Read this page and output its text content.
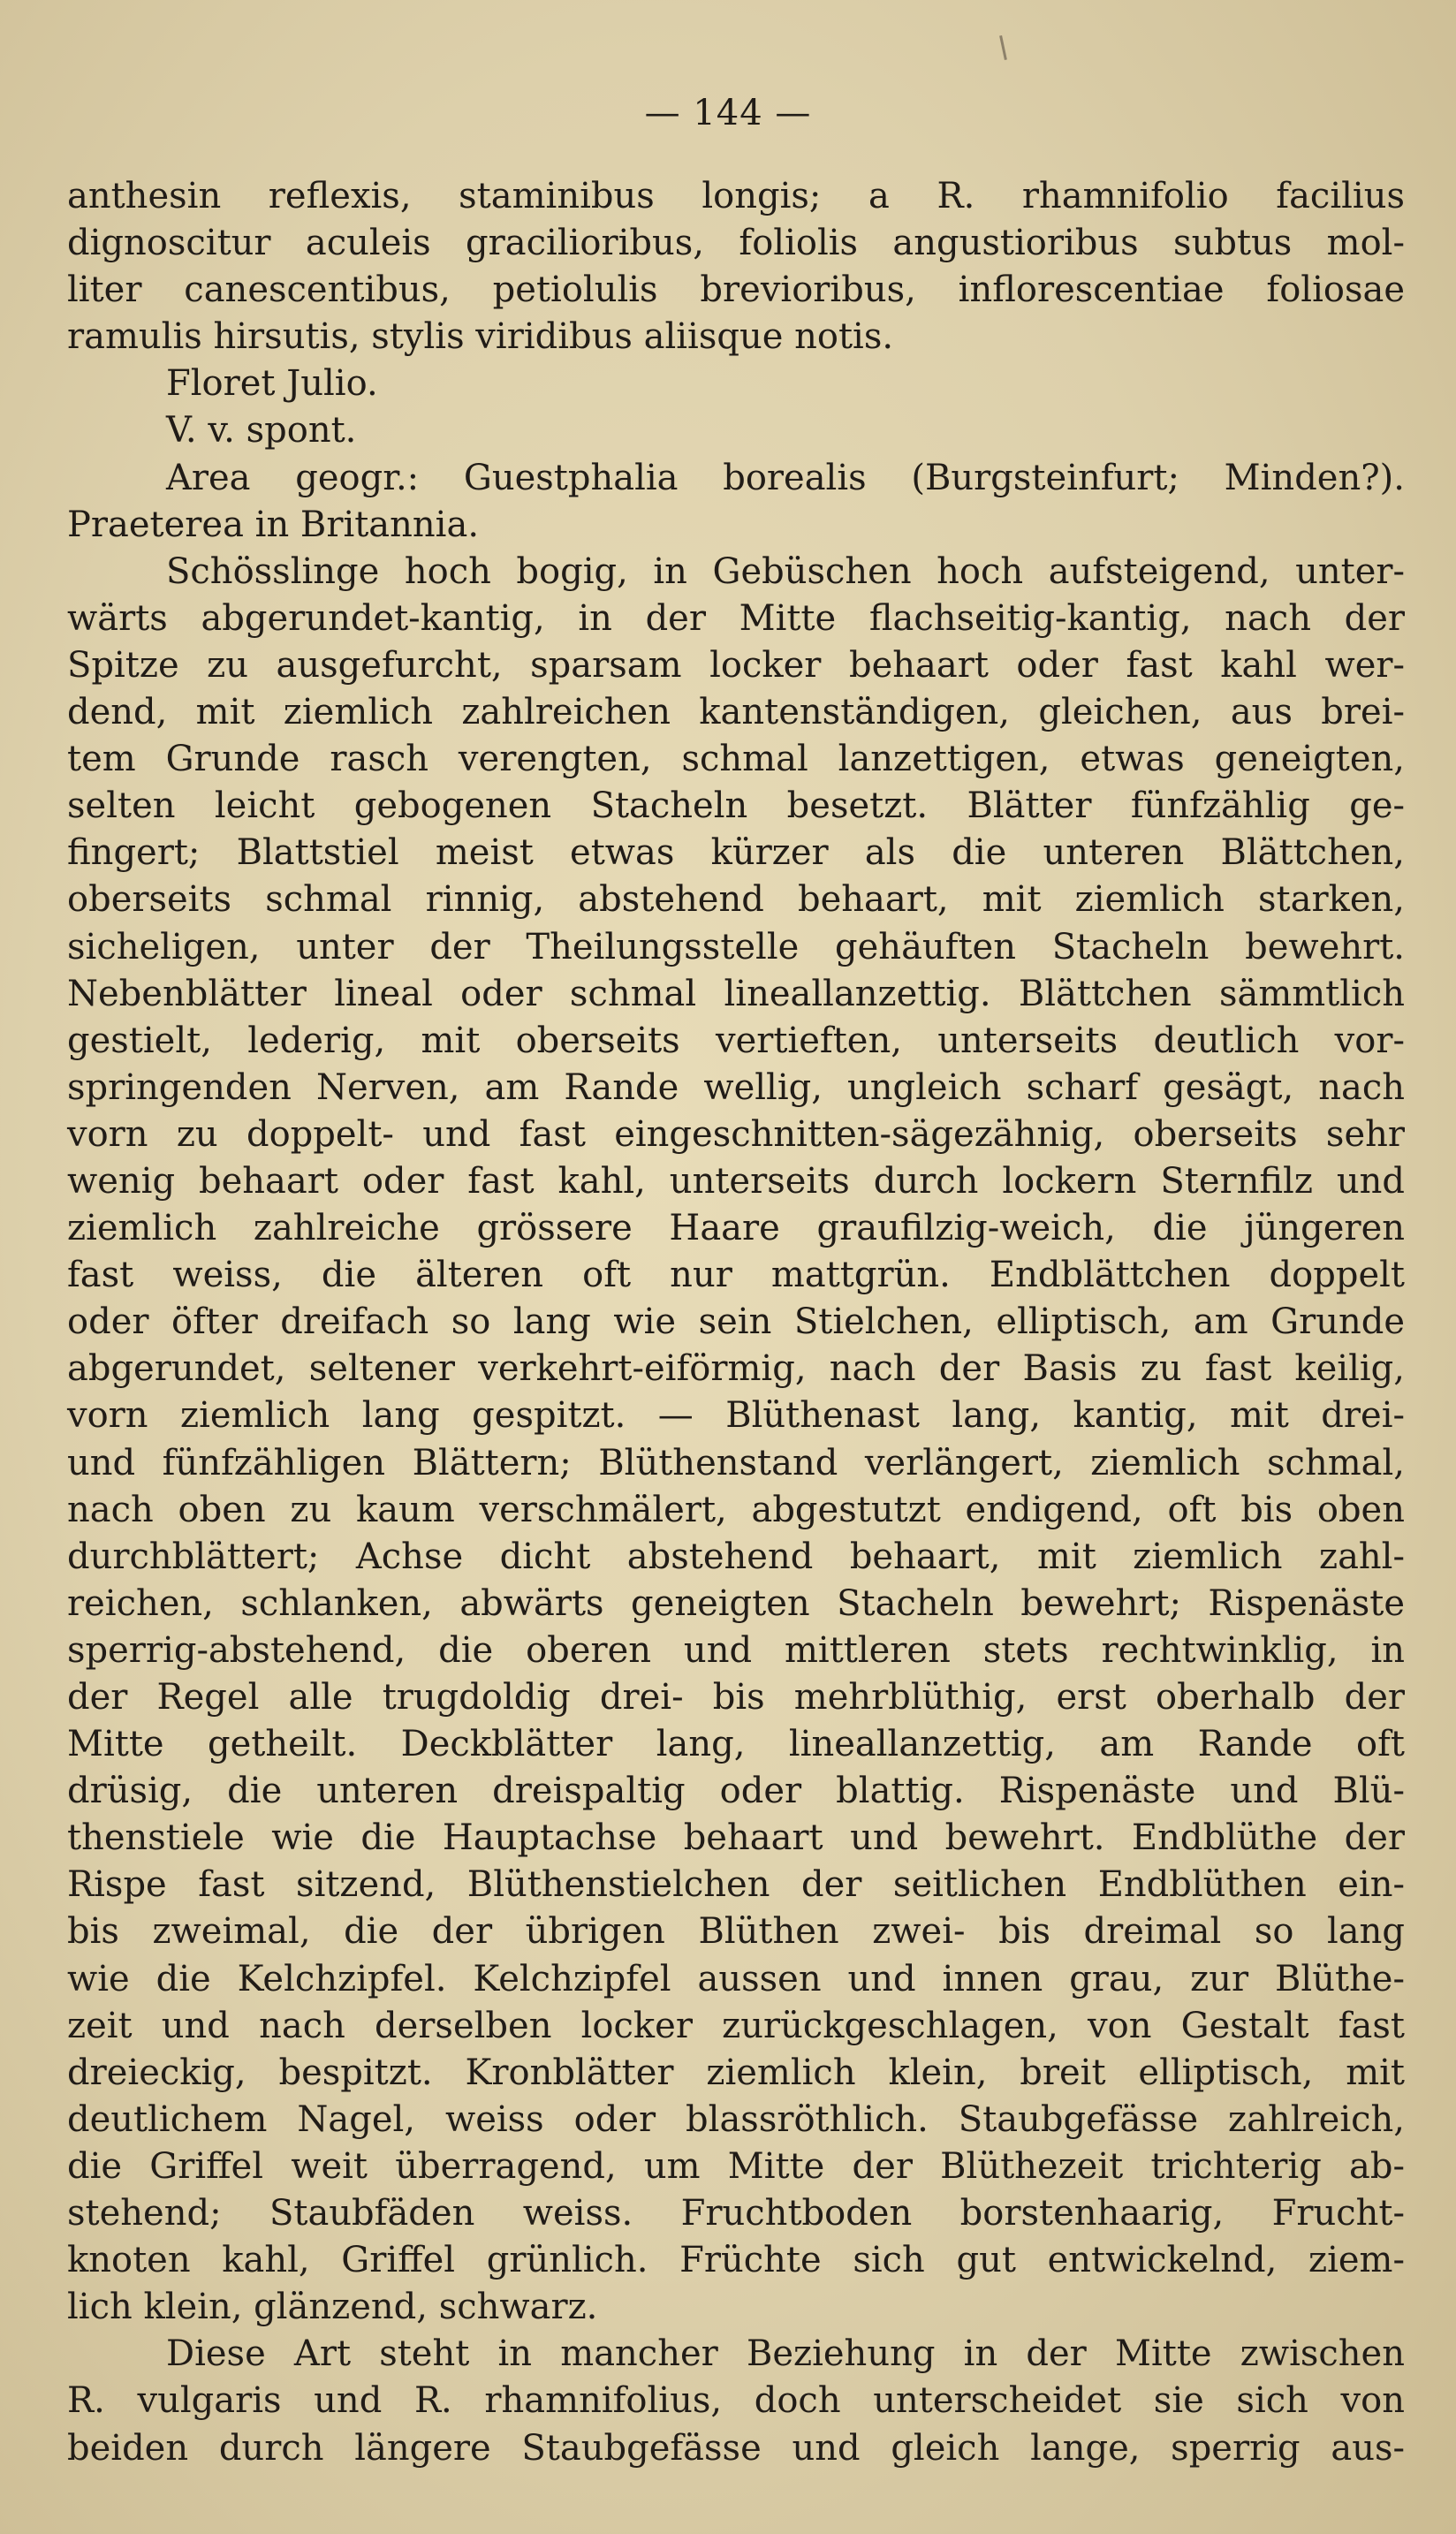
— 144 —
anthesin reflexis, staminibus longis; a R. rhamnifolio facilius
dignoscitur aculeis gracilioribus, foliolis angustioribus subtus mol-
liter canescentibus, petiolulis brevioribus, inflorescentiae foliosae
ramulis hirsutis, stylis viridibus aliisque notis.
Floret Julio.
V. v. spont.
Area geogr.: Guestphalia borealis (Burgsteinfurt; Minden?).
Praeterea in Britannia.
Schösslinge hoch bogig, in Gebüschen hoch aufsteigend, unter-
wärts abgerundet-kantig, in der Mitte flachseitig-kantig, nach der
Spitze zu ausgefurcht, sparsam locker behaart oder fast kahl wer-
dend, mit ziemlich zahlreichen kantenständigen, gleichen, aus brei-
tem Grunde rasch verengten, schmal lanzettigen, etwas geneigten,
selten leicht gebogenen Stacheln besetzt. Blätter fünfzählig ge-
fingert; Blattstiel meist etwas kürzer als die unteren Blättchen,
oberseits schmal rinnig, abstehend behaart, mit ziemlich starken,
sicheligen, unter der Theilungsstelle gehäuften Stacheln bewehrt.
Nebenblätter lineal oder schmal lineallanzettig. Blättchen sämmtlich
gestielt, lederig, mit oberseits vertieften, unterseits deutlich vor-
springenden Nerven, am Rande wellig, ungleich scharf gesägt, nach
vorn zu doppelt- und fast eingeschnitten-sägezähnig, oberseits sehr
wenig behaart oder fast kahl, unterseits durch lockern Sternfilz und
ziemlich zahlreiche grössere Haare graufilzig-weich, die jüngeren
fast weiss, die älteren oft nur mattgrün. Endblättchen doppelt
oder öfter dreifach so lang wie sein Stielchen, elliptisch, am Grunde
abgerundet, seltener verkehrt-eiförmig, nach der Basis zu fast keilig,
vorn ziemlich lang gespitzt. — Blüthenast lang, kantig, mit drei-
und fünfzähligen Blättern; Blüthenstand verlängert, ziemlich schmal,
nach oben zu kaum verschmälert, abgestutzt endigend, oft bis oben
durchblättert; Achse dicht abstehend behaart, mit ziemlich zahl-
reichen, schlanken, abwärts geneigten Stacheln bewehrt; Rispenäste
sperrig-abstehend, die oberen und mittleren stets rechtwinklig, in
der Regel alle trugdoldig drei- bis mehrblüthig, erst oberhalb der
Mitte getheilt. Deckblätter lang, lineallanzettig, am Rande oft
drüsig, die unteren dreispaltig oder blattig. Rispenäste und Blü-
thenstiele wie die Hauptachse behaart und bewehrt. Endblüthe der
Rispe fast sitzend, Blüthenstielchen der seitlichen Endblüthen ein-
bis zweimal, die der übrigen Blüthen zwei- bis dreimal so lang
wie die Kelchzipfel. Kelchzipfel aussen und innen grau, zur Blüthe-
zeit und nach derselben locker zurückgeschlagen, von Gestalt fast
dreieckig, bespitzt. Kronblätter ziemlich klein, breit elliptisch, mit
deutlichem Nagel, weiss oder blassröthlich. Staubgefässe zahlreich,
die Griffel weit überragend, um Mitte der Blüthezeit trichterig ab-
stehend; Staubfäden weiss. Fruchtboden borstenhaarig, Frucht-
knoten kahl, Griffel grünlich. Früchte sich gut entwickelnd, ziem-
lich klein, glänzend, schwarz.
Diese Art steht in mancher Beziehung in der Mitte zwischen
R. vulgaris und R. rhamnifolius, doch unterscheidet sie sich von
beiden durch längere Staubgefässe und gleich lange, sperrig aus-
